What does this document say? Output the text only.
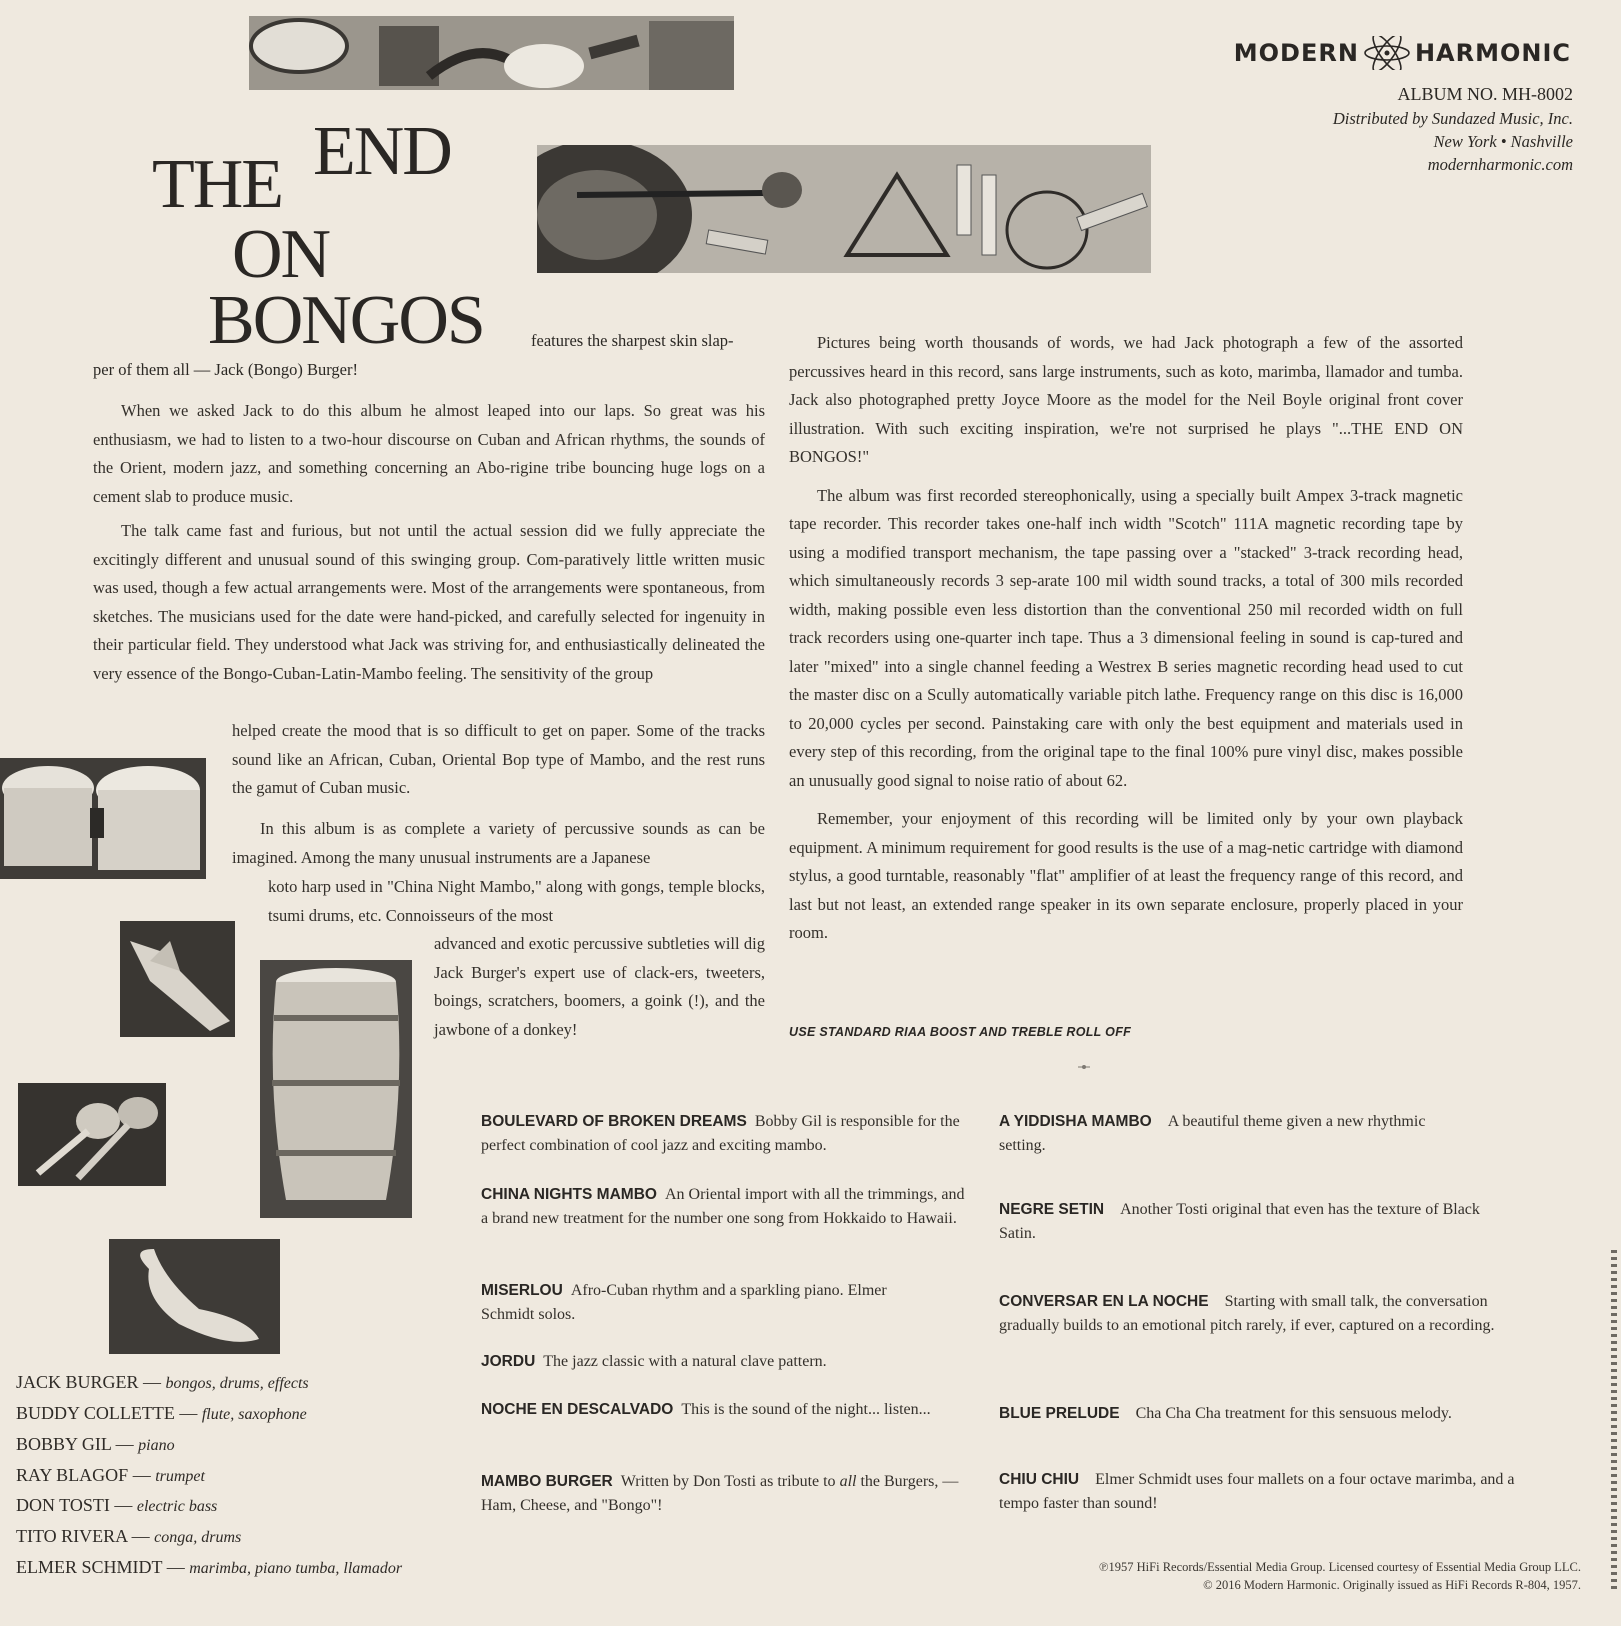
THE END
ON
BONGOS
MODERN HARMONIC
ALBUM NO. MH-8002
Distributed by Sundazed Music, Inc.
New York • Nashville
modernharmonic.com
features the sharpest skin slap-
per of them all — Jack (Bongo) Burger!

When we asked Jack to do this album he almost leaped into our laps. So great was his enthusiasm, we had to listen to a two-hour discourse on Cuban and African rhythms, the sounds of the Orient, modern jazz, and something concerning an Abo-rigine tribe bouncing huge logs on a cement slab to produce music.

The talk came fast and furious, but not until the actual session did we fully appreciate the excitingly different and unusual sound of this swinging group. Com-paratively little written music was used, though a few actual arrangements were. Most of the arrangements were spontaneous, from sketches. The musicians used for the date were hand-picked, and carefully selected for ingenuity in their particular field. They understood what Jack was striving for, and enthusiastically delineated the very essence of the Bongo-Cuban-Latin-Mambo feeling. The sensitivity of the group

helped create the mood that is so difficult to get on paper. Some of the tracks sound like an African, Cuban, Oriental Bop type of Mambo, and the rest runs the gamut of Cuban music.

In this album is as complete a variety of percussive sounds as can be imagined. Among the many unusual instruments are a Japanese

koto harp used in "China Night Mambo," along with gongs, temple blocks, tsumi drums, etc. Connoisseurs of the most

advanced and exotic percussive subtleties will dig Jack Burger's expert use of clack-ers, tweeters, boings, scratchers, boomers, a goink (!), and the jawbone of a donkey!

Pictures being worth thousands of words, we had Jack photograph a few of the assorted percussives heard in this record, sans large instruments, such as koto, marimba, llamador and tumba. Jack also photographed pretty Joyce Moore as the model for the Neil Boyle original front cover illustration. With such exciting inspiration, we're not surprised he plays "...THE END ON BONGOS!"

The album was first recorded stereophonically, using a specially built Ampex 3-track magnetic tape recorder. This recorder takes one-half inch width "Scotch" 111A magnetic recording tape by using a modified transport mechanism, the tape passing over a "stacked" 3-track recording head, which simultaneously records 3 sep-arate 100 mil width sound tracks, a total of 300 mils recorded width, making possible even less distortion than the conventional 250 mil recorded width on full track recorders using one-quarter inch tape. Thus a 3 dimensional feeling in sound is cap-tured and later "mixed" into a single channel feeding a Westrex B series magnetic recording head used to cut the master disc on a Scully automatically variable pitch lathe. Frequency range on this disc is 16,000 to 20,000 cycles per second. Painstaking care with only the best equipment and materials used in every step of this recording, from the original tape to the final 100% pure vinyl disc, makes possible an unusually good signal to noise ratio of about 62.

Remember, your enjoyment of this recording will be limited only by your own playback equipment. A minimum requirement for good results is the use of a mag-netic cartridge with diamond stylus, a good turntable, reasonably "flat" amplifier of at least the frequency range of this record, and last but not least, an extended range speaker in its own separate enclosure, properly placed in your room.

USE STANDARD RIAA BOOST AND TREBLE ROLL OFF
BOULEVARD OF BROKEN DREAMS Bobby Gil is responsible for the perfect combination of cool jazz and exciting mambo.
CHINA NIGHTS MAMBO An Oriental import with all the trimmings, and a brand new treatment for the number one song from Hokkaido to Hawaii.
MISERLOU Afro-Cuban rhythm and a sparkling piano. Elmer Schmidt solos.
JORDU The jazz classic with a natural clave pattern.
NOCHE EN DESCALVADO This is the sound of the night... listen...
MAMBO BURGER Written by Don Tosti as tribute to all the Burgers, — Ham, Cheese, and "Bongo"!
A YIDDISHA MAMBO A beautiful theme given a new rhythmic setting.
NEGRE SETIN Another Tosti original that even has the texture of Black Satin.
CONVERSAR EN LA NOCHE Starting with small talk, the conversation gradually builds to an emotional pitch rarely, if ever, captured on a recording.
BLUE PRELUDE Cha Cha Cha treatment for this sensuous melody.
CHIU CHIU Elmer Schmidt uses four mallets on a four octave marimba, and a tempo faster than sound!
JACK BURGER — bongos, drums, effects
BUDDY COLLETTE — flute, saxophone
BOBBY GIL — piano
RAY BLAGOF — trumpet
DON TOSTI — electric bass
TITO RIVERA — conga, drums
ELMER SCHMIDT — marimba, piano tumba, llamador	℗1957 HiFi Records/Essential Media Group. Licensed courtesy of Essential Media Group LLC.
© 2016 Modern Harmonic. Originally issued as HiFi Records R-804, 1957.
